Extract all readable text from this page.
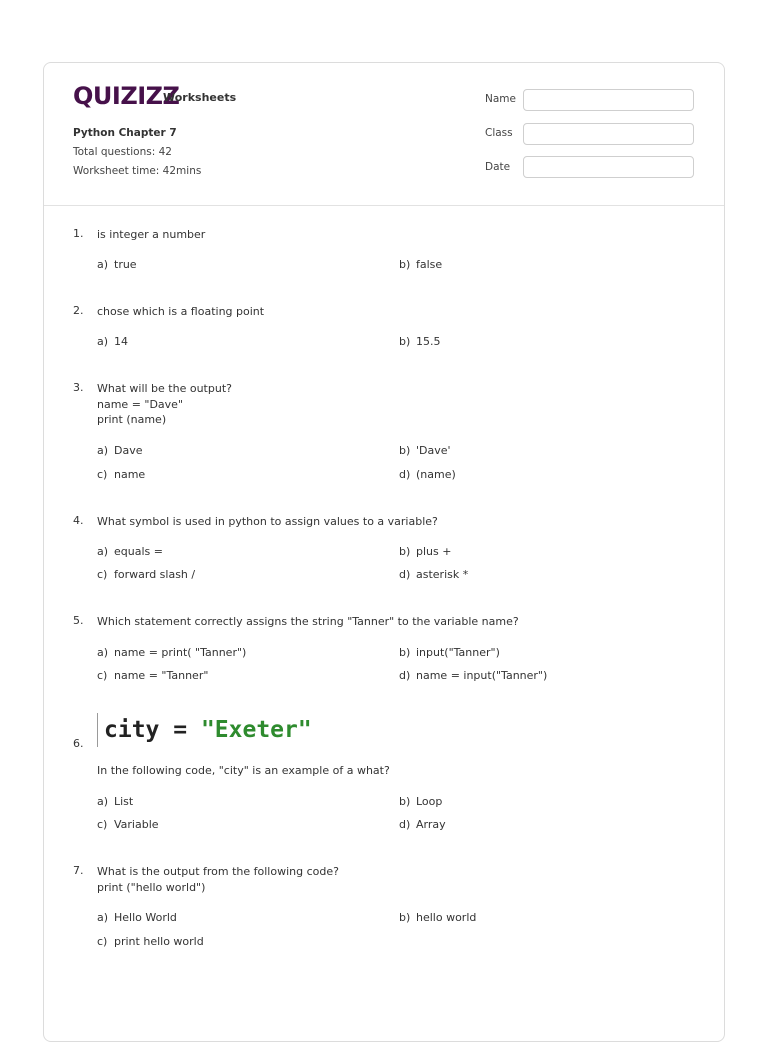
QUIZIZZ
Worksheets
Python Chapter 7
Total questions: 42
Worksheet time: 42mins
Name
Class
Date
1.	is integer a number
a) true	b) false
2.	chose which is a floating point
a) 14	b) 15.5
3.	What will be the output?
name = "Dave"
print (name)
a) Dave	b) 'Dave'
c) name	d) (name)
4.	What symbol is used in python to assign values to a variable?
a) equals =	b) plus +
c) forward slash /	d) asterisk *
5.	Which statement correctly assigns the string "Tanner" to the variable name?
a) name = print( "Tanner")	b) input("Tanner")
c) name = "Tanner"	d) name = input("Tanner")
city = "Exeter"
6.
In the following code, "city" is an example of a what?
a) List	b) Loop
c) Variable	d) Array
7.	What is the output from the following code?
print ("hello world")
a) Hello World	b) hello world
c) print hello world
